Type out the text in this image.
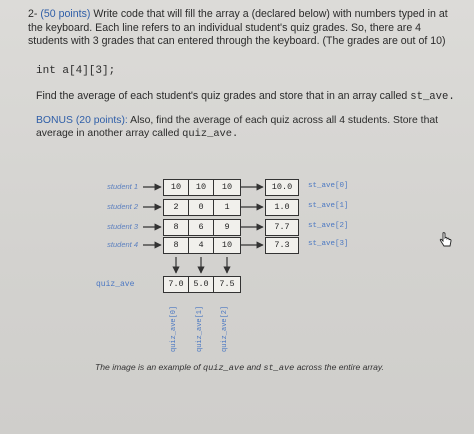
2- (50 points) Write code that will fill the array a (declared below) with numbers typed in at the keyboard. Each line refers to an individual student's quiz grades. So, there are 4 students with 3 grades that can entered through the keyboard. (The grades are out of 10)
int a[4][3];
Find the average of each student's quiz grades and store that in an array called st_ave.
BONUS (20 points): Also, find the average of each quiz across all 4 students. Store that average in another array called quiz_ave.
student 1
student 2
student 3
student 4
10	10	10
2	0	1
8	6	9
8	4	10
10.0
1.0
7.7
7.3
st_ave[0]
st_ave[1]
st_ave[2]
st_ave[3]
quiz_ave	7.0	5.0	7.5
quiz_ave[0]	quiz_ave[1] quiz_ave[2]
The image is an example of quiz_ave and st_ave across the entire array.
